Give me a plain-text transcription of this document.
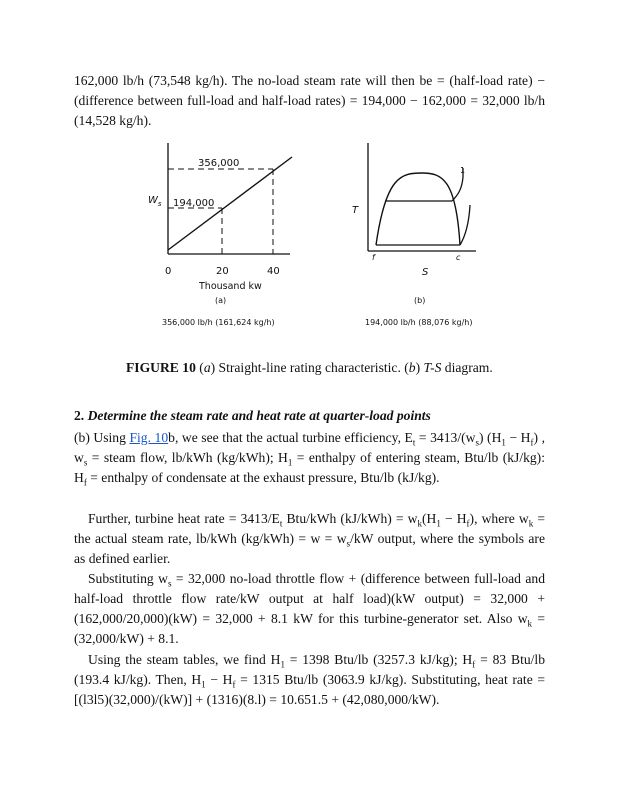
162,000 lb/h (73,548 kg/h). The no-load steam rate will then be = (half-load rate) − (difference between full-load and half-load rates) = 194,000 − 162,000 = 32,000 lb/h (14,528 kg/h).

$W_s$
356,000
194,000
0	20	40
Thousand kw
(a)
356,000 lb/h (161,624 kg/h)
T
S
f	c
1
(b)
194,000 lb/h (88,076 kg/h)
FIGURE 10 (a) Straight-line rating characteristic. (b) T-S diagram.
2. Determine the steam rate and heat rate at quarter-load points

(b) Using Fig. 10b, we see that the actual turbine efficiency, $E_t = 3413/(w_s) (H_1 - H_f)$ , $w_s$ = steam flow, lb/kWh (kg/kWh); $H_1$ = enthalpy of entering steam, Btu/lb (kJ/kg): $H_f$ = enthalpy of condensate at the exhaust pressure, Btu/lb (kJ/kg).

Further, turbine heat rate = $3413/E_t$ Btu/kWh $(kJ/kWh) = w_k(H_1 - H_f)$, where $w_k$ = the actual steam rate, lb/kWh $(kg/kWh) = w = w_s/kW$ output, where the symbols are as defined earlier.

Substituting $w_s = 32,000$ no-load throttle flow + (difference between full-load and half-load throttle flow rate/kW output at half load)(kW output) = 32,000 + (162,000/20,000)(kW) = 32,000 + 8.1 kW for this turbine-generator set. Also $w_k = (32,000/kW) + 8.1$.

Using the steam tables, we find $H_1 = 1398$ Btu/lb (3257.3 kJ/kg); $H_f = 83$ Btu/lb (193.4 kJ/kg). Then, $H_1 - H_f = 1315$ Btu/lb (3063.9 kJ/kg). Substituting, heat rate = [(l3l5)(32,000)/(kW)] + (1316)(8.l) = 10.651.5 + (42,080,000/kW).
